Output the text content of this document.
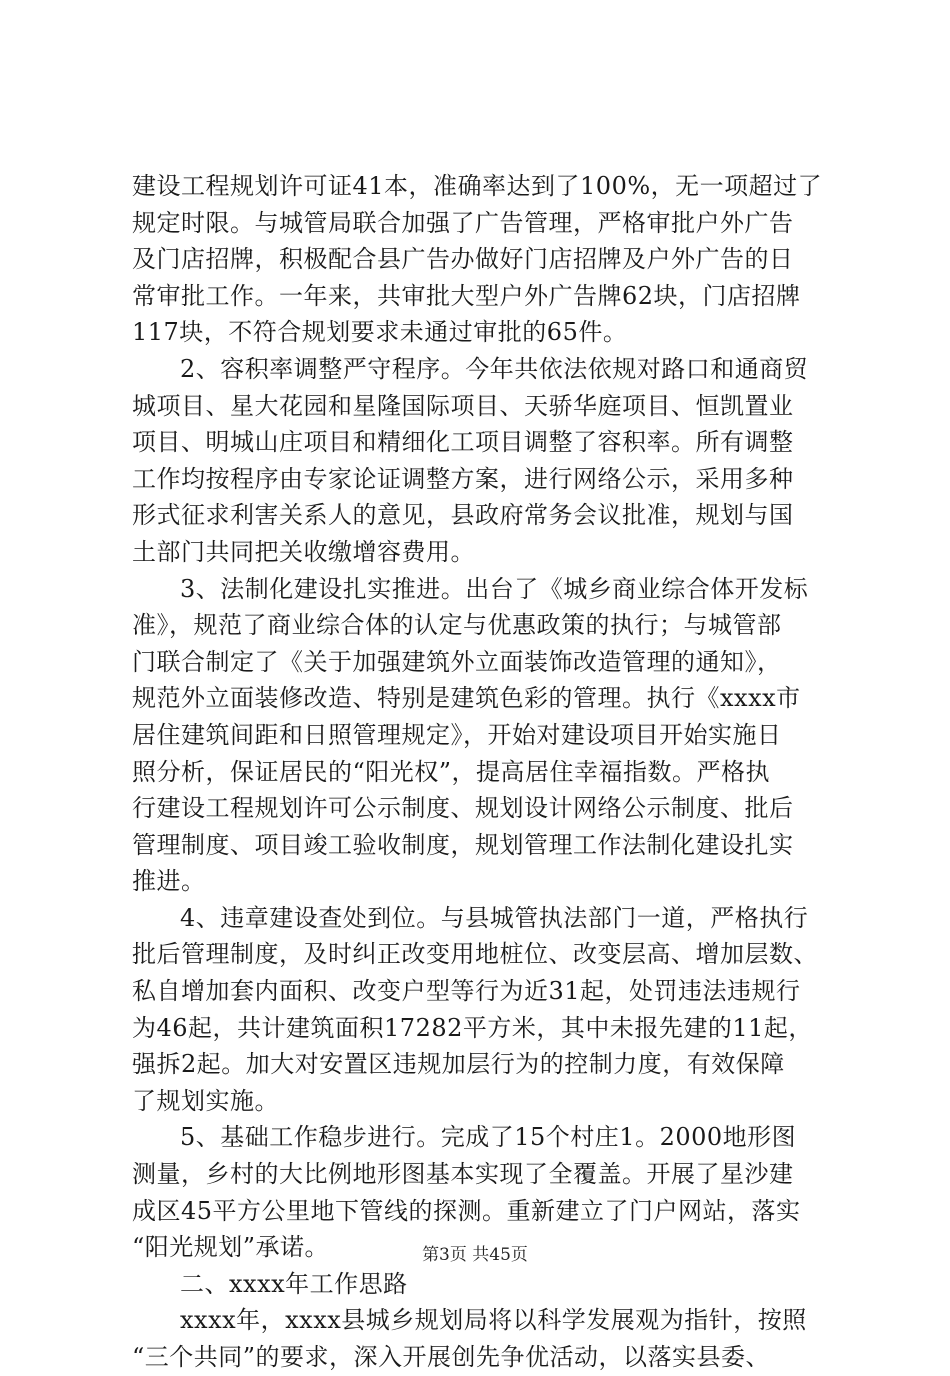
建设工程规划许可证41本，准确率达到了100%，无一项超过了
规定时限。与城管局联合加强了广告管理，严格审批户外广告
及门店招牌，积极配合县广告办做好门店招牌及户外广告的日
常审批工作。一年来，共审批大型户外广告牌62块，门店招牌
117块，不符合规划要求未通过审批的65件。
2、容积率调整严守程序。今年共依法依规对路口和通商贸
城项目、星大花园和星隆国际项目、天骄华庭项目、恒凯置业
项目、明城山庄项目和精细化工项目调整了容积率。所有调整
工作均按程序由专家论证调整方案，进行网络公示，采用多种
形式征求利害关系人的意见，县政府常务会议批准，规划与国
土部门共同把关收缴增容费用。
3、法制化建设扎实推进。出台了《城乡商业综合体开发标
准》，规范了商业综合体的认定与优惠政策的执行；与城管部
门联合制定了《关于加强建筑外立面装饰改造管理的通知》，
规范外立面装修改造、特别是建筑色彩的管理。执行《xxxx市
居住建筑间距和日照管理规定》，开始对建设项目开始实施日
照分析，保证居民的“阳光权”，提高居住幸福指数。严格执
行建设工程规划许可公示制度、规划设计网络公示制度、批后
管理制度、项目竣工验收制度，规划管理工作法制化建设扎实
推进。
4、违章建设查处到位。与县城管执法部门一道，严格执行
批后管理制度，及时纠正改变用地桩位、改变层高、增加层数、
私自增加套内面积、改变户型等行为近31起，处罚违法违规行
为46起，共计建筑面积17282平方米，其中未报先建的11起，
强拆2起。加大对安置区违规加层行为的控制力度，有效保障
了规划实施。
5、基础工作稳步进行。完成了15个村庄1。2000地形图
测量，乡村的大比例地形图基本实现了全覆盖。开展了星沙建
成区45平方公里地下管线的探测。重新建立了门户网站，落实
“阳光规划”承诺。
二、xxxx年工作思路
xxxx年，xxxx县城乡规划局将以科学发展观为指针，按照
“三个共同”的要求，深入开展创先争优活动，以落实县委、
第3页 共45页
